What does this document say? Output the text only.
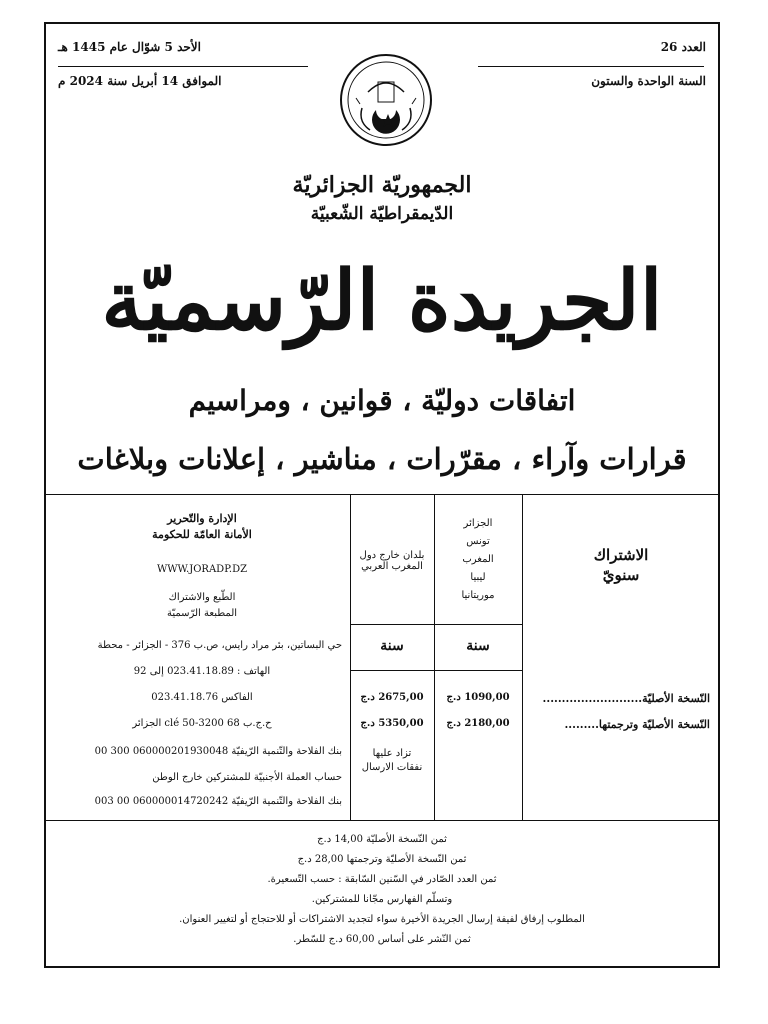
الأحد 5 شوّال عام 1445 هـ
الموافق 14 أبريل سنة 2024 م
العدد 26
السنة الواحدة والستون
الجمهوريّة الجزائريّة
الدّيمقراطيّة الشّعبيّة
الجريدة الرّسميّة
اتفاقات دوليّة ، قوانين ، ومراسيم
قرارات وآراء ، مقرّرات ، مناشير ، إعلانات وبلاغات
الإدارة والتّحرير
الأمانة العامّة للحكومة
WWW.JORADP.DZ
الطّبع والاشتراك
المطبعة الرّسميّة
حي البساتين، بئر مراد رايس، ص.ب 376 - الجزائر - محطة
الهاتف : 023.41.18.89 إلى 92
الفاكس 023.41.18.76
ح.ج.ب 68 clé 50-3200 الجزائر
بنك الفلاحة والتّنمية الرّيفيّة 060000201930048 300 00
حساب العملة الأجنبيّة للمشتركين خارج الوطن
بنك الفلاحة والتّنمية الرّيفيّة 060000014720242 00 003
بلدان خارج دول المغرب العربي
سنة
2675,00 د.ج
5350,00 د.ج
تزاد عليها
نفقات الارسال
الجزائر
تونس
المغرب
ليبيا
موريتانيا
سنة
1090,00 د.ج
2180,00 د.ج
الاشتراك
سنويّ
النّسخة الأصليّة..........................
النّسخة الأصليّة وترجمتها.........
ثمن النّسخة الأصليّة 14,00 د.ج
ثمن النّسخة الأصليّة وترجمتها 28,00 د.ج
ثمن العدد الصّادر في السّنين السّابقة : حسب التّسعيرة.
وتسلّم الفهارس مجّانا للمشتركين.
المطلوب إرفاق لفيفة إرسال الجريدة الأخيرة سواء لتجديد الاشتراكات أو للاحتجاج أو لتغيير العنوان.
ثمن النّشر على أساس 60,00 د.ج للسّطر.
